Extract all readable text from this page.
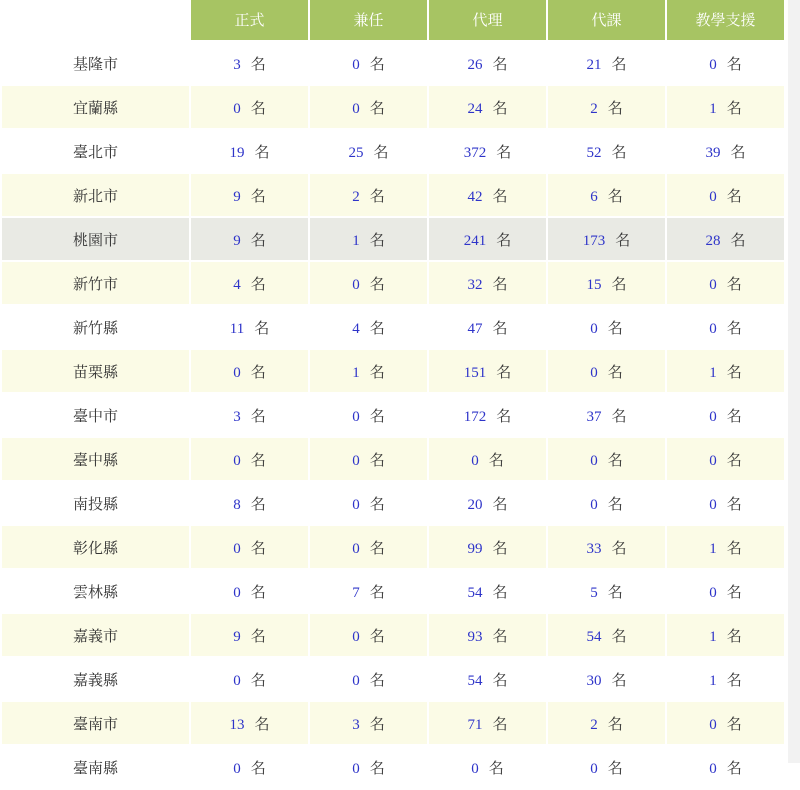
	正式	兼任	代理	代課	教學支援
基隆市	3 名	0 名	26 名	21 名	0 名
宜蘭縣	0 名	0 名	24 名	2 名	1 名
臺北市	19 名	25 名	372 名	52 名	39 名
新北市	9 名	2 名	42 名	6 名	0 名
桃園市	9 名	1 名	241 名	173 名	28 名
新竹市	4 名	0 名	32 名	15 名	0 名
新竹縣	11 名	4 名	47 名	0 名	0 名
苗栗縣	0 名	1 名	151 名	0 名	1 名
臺中市	3 名	0 名	172 名	37 名	0 名
臺中縣	0 名	0 名	0 名	0 名	0 名
南投縣	8 名	0 名	20 名	0 名	0 名
彰化縣	0 名	0 名	99 名	33 名	1 名
雲林縣	0 名	7 名	54 名	5 名	0 名
嘉義市	9 名	0 名	93 名	54 名	1 名
嘉義縣	0 名	0 名	54 名	30 名	1 名
臺南市	13 名	3 名	71 名	2 名	0 名
臺南縣	0 名	0 名	0 名	0 名	0 名
